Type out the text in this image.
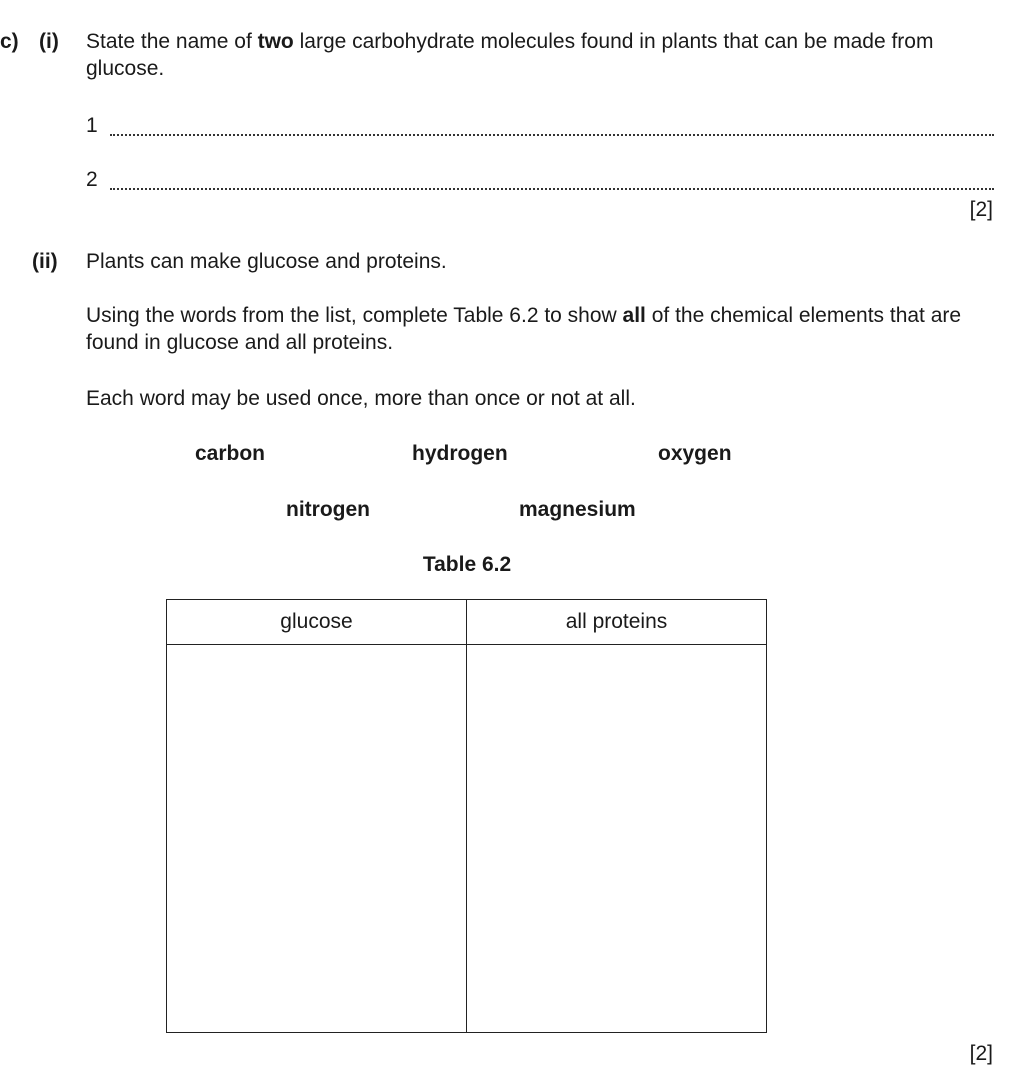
c) (i) State the name of two large carbohydrate molecules found in plants that can be made from glucose.
1
2
[2]
(ii) Plants can make glucose and proteins.
Using the words from the list, complete Table 6.2 to show all of the chemical elements that are found in glucose and all proteins.
Each word may be used once, more than once or not at all.
carbon	hydrogen	oxygen
nitrogen	magnesium
Table 6.2
glucose	all proteins

[2]
